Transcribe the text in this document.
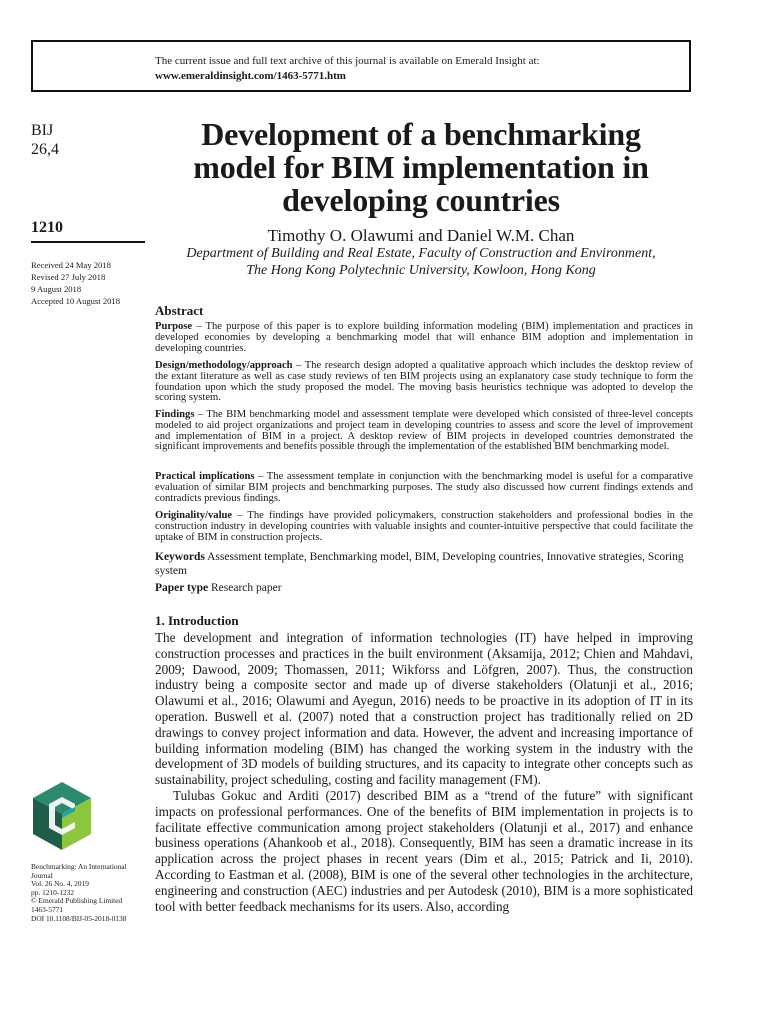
The current issue and full text archive of this journal is available on Emerald Insight at:
www.emeraldinsight.com/1463-5771.htm
BIJ
26,4
1210
Received 24 May 2018
Revised 27 July 2018
9 August 2018
Accepted 10 August 2018
Development of a benchmarking
model for BIM implementation in
developing countries
Timothy O. Olawumi and Daniel W.M. Chan
Department of Building and Real Estate, Faculty of Construction and Environment,
The Hong Kong Polytechnic University, Kowloon, Hong Kong
Abstract
Purpose – The purpose of this paper is to explore building information modeling (BIM) implementation and practices in developed economies by developing a benchmarking model that will enhance BIM adoption and implementation in developing countries.
Design/methodology/approach – The research design adopted a qualitative approach which includes the desktop review of the extant literature as well as case study reviews of ten BIM projects using an explanatory case study technique to form the foundation upon which the study proposed the model. The moving basis heuristics technique was adopted to develop the scoring system.
Findings – The BIM benchmarking model and assessment template were developed which consisted of three-level concepts modeled to aid project organizations and project team in developing countries to assess and score the level of improvement and implementation of BIM in a project. A desktop review of BIM projects in developed countries demonstrated the significant improvements and benefits possible through the implementation of the established BIM benchmarking model.
Practical implications – The assessment template in conjunction with the benchmarking model is useful for a comparative evaluation of similar BIM projects and benchmarking purposes. The study also discussed how current findings extends and contradicts previous findings.
Originality/value – The findings have provided policymakers, construction stakeholders and professional bodies in the construction industry in developing countries with valuable insights and counter-intuitive perspective that could facilitate the uptake of BIM in construction projects.
Keywords Assessment template, Benchmarking model, BIM, Developing countries, Innovative strategies, Scoring system
Paper type Research paper
1. Introduction

The development and integration of information technologies (IT) have helped in improving construction processes and practices in the built environment (Aksamija, 2012; Chien and Mahdavi, 2009; Dawood, 2009; Thomassen, 2011; Wikforss and Löfgren, 2007). Thus, the construction industry being a composite sector and made up of diverse stakeholders (Olatunji et al., 2016; Olawumi et al., 2016; Olawumi and Ayegun, 2016) needs to be proactive in its adoption of IT in its operation. Buswell et al. (2007) noted that a construction project has traditionally relied on 2D drawings to convey project information and data. However, the advent and increasing importance of building information modeling (BIM) has changed the working system in the industry with the development of 3D models of building structures, and its capacity to integrate other concepts such as sustainability, project scheduling, costing and facility management (FM).

Tulubas Gokuc and Arditi (2017) described BIM as a “trend of the future” with significant impacts on professional performances. One of the benefits of BIM implementation in projects is to facilitate effective communication among project stakeholders (Olatunji et al., 2017) and enhance business operations (Ahankoob et al., 2018). Consequently, BIM has seen a dramatic increase in its application across the project phases in recent years (Dim et al., 2015; Patrick and Ii, 2010). According to Eastman et al. (2008), BIM is one of the several other technologies in the architecture, engineering and construction (AEC) industries and per Autodesk (2010), BIM is a more sophisticated tool with better feedback mechanisms for its users. Also, according

Benchmarking: An International
Journal
Vol. 26 No. 4, 2019
pp. 1210-1232
© Emerald Publishing Limited
1463-5771
DOI 10.1108/BIJ-05-2018-0138
